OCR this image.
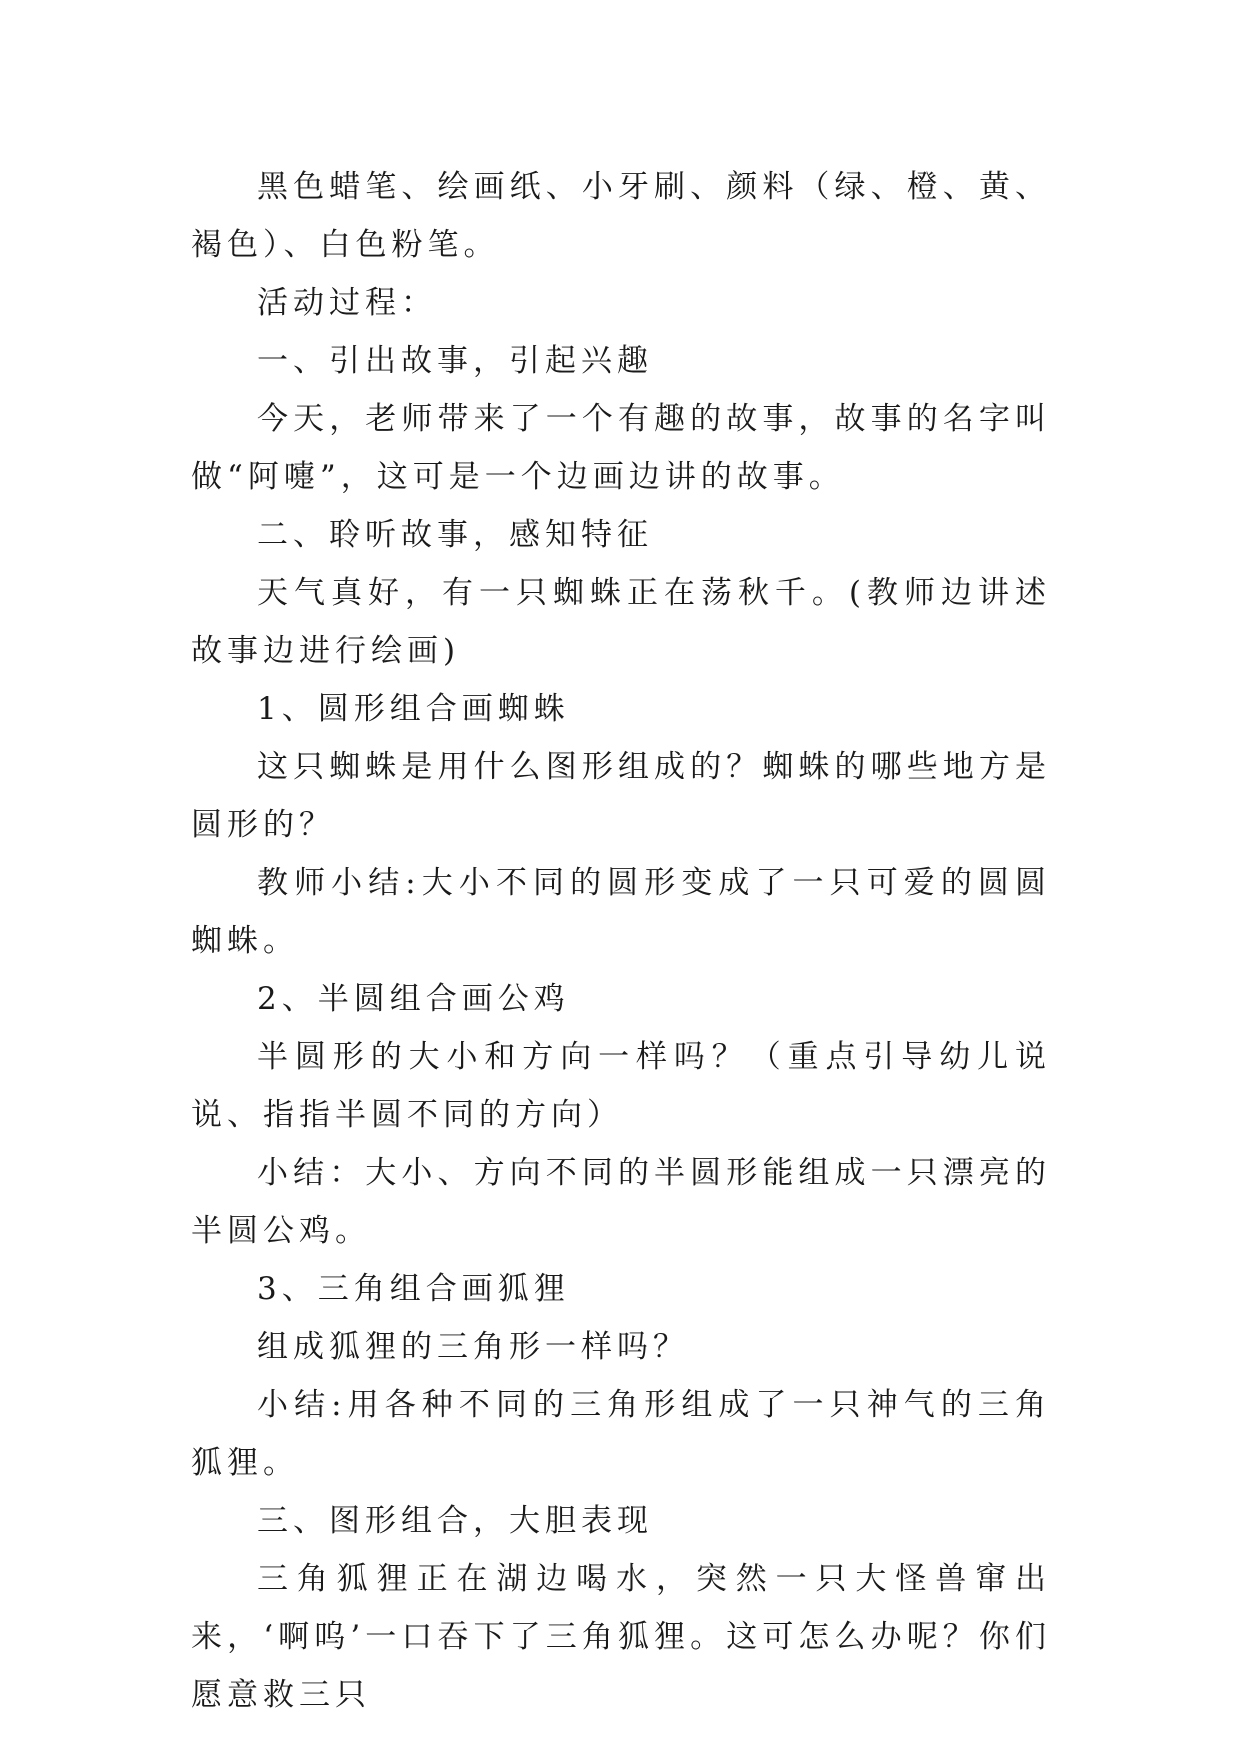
黑色蜡笔、绘画纸、小牙刷、颜料（绿、橙、黄、褐色）、白色粉笔。

活动过程：

一、引出故事，引起兴趣

今天，老师带来了一个有趣的故事，故事的名字叫做“阿嚏”，这可是一个边画边讲的故事。

二、聆听故事，感知特征

天气真好，有一只蜘蛛正在荡秋千。(教师边讲述故事边进行绘画)

1、圆形组合画蜘蛛

这只蜘蛛是用什么图形组成的？蜘蛛的哪些地方是圆形的？

教师小结:大小不同的圆形变成了一只可爱的圆圆蜘蛛。

2、半圆组合画公鸡

半圆形的大小和方向一样吗？（重点引导幼儿说说、指指半圆不同的方向）

小结：大小、方向不同的半圆形能组成一只漂亮的半圆公鸡。

3、三角组合画狐狸

组成狐狸的三角形一样吗？

小结:用各种不同的三角形组成了一只神气的三角狐狸。

三、图形组合，大胆表现

三角狐狸正在湖边喝水，突然一只大怪兽窜出来，‘啊呜’一口吞下了三角狐狸。这可怎么办呢？你们愿意救三只
